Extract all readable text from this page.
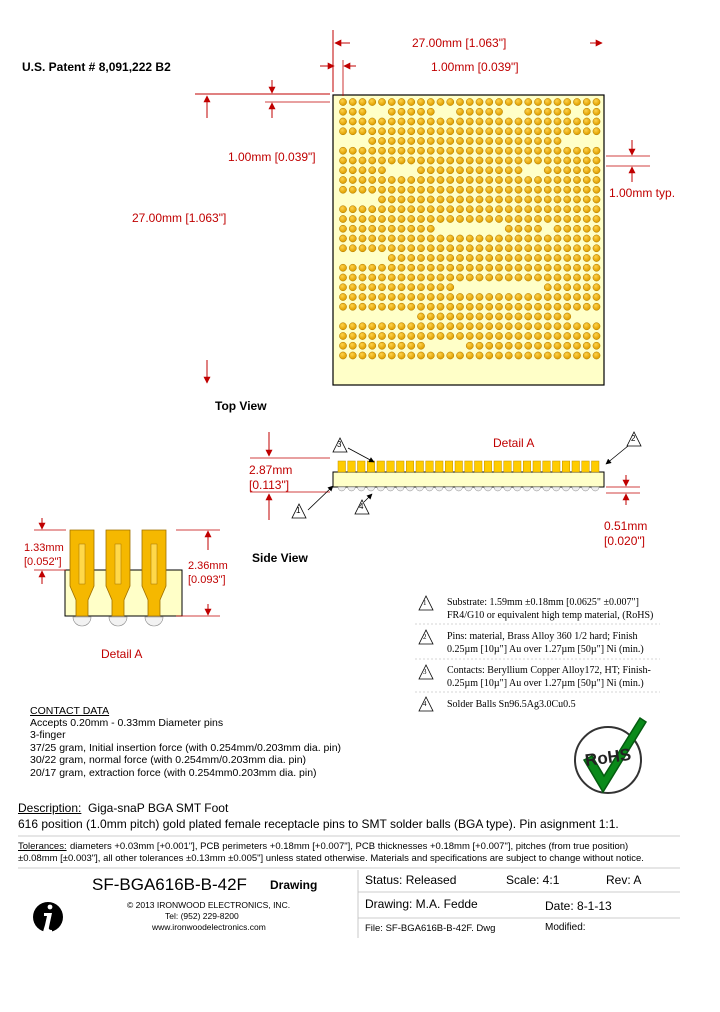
U.S. Patent # 8,091,222 B2
27.00mm [1.063"]
1.00mm [0.039"]
1.00mm [0.039"]
27.00mm [1.063"]
1.00mm typ.
Top View
Detail A
2.87mm
[0.113"]
0.51mm
[0.020"]
Side View
3
2
1	4
1.33mm
[0.052"]	2.36mm
[0.093"]
Detail A
1 Substrate: 1.59mm ±0.18mm [0.0625" ±0.007"]
FR4/G10 or equivalent high temp material, (RoHS)
2 Pins: material, Brass Alloy 360 1/2 hard; Finish
0.25µm [10µ"] Au over 1.27µm [50µ"] Ni (min.)
3 Contacts: Beryllium Copper Alloy172, HT; Finish-
0.25µm [10µ"] Au over 1.27µm [50µ"] Ni (min.)
4 Solder Balls Sn96.5Ag3.0Cu0.5
CONTACT DATA
Accepts 0.20mm - 0.33mm Diameter pins
3-finger
37/25 gram, Initial insertion force (with 0.254mm/0.203mm dia. pin)
30/22 gram, normal force (with 0.254mm/0.203mm dia. pin)
20/17 gram, extraction force (with 0.254mm0.203mm dia. pin)
RoHS
Description: Giga-snaP BGA SMT Foot
616 position (1.0mm pitch) gold plated female receptacle pins to SMT solder balls (BGA type). Pin asignment 1:1.
Tolerances: diameters +0.03mm [+0.001"], PCB perimeters +0.18mm [+0.007"], PCB thicknesses +0.18mm [+0.007"], pitches (from true position)
±0.08mm [±0.003"], all other tolerances ±0.13mm ±0.005"] unless stated otherwise. Materials and specifications are subject to change without notice.
SF-BGA616B-B-42F Drawing
© 2013 IRONWOOD ELECTRONICS, INC.
Tel: (952) 229-8200
www.ironwoodelectronics.com
Status: Released	Scale: 4:1	Rev: A
Drawing: M.A. Fedde	Date: 8-1-13
File: SF-BGA616B-B-42F. Dwg	Modified:
